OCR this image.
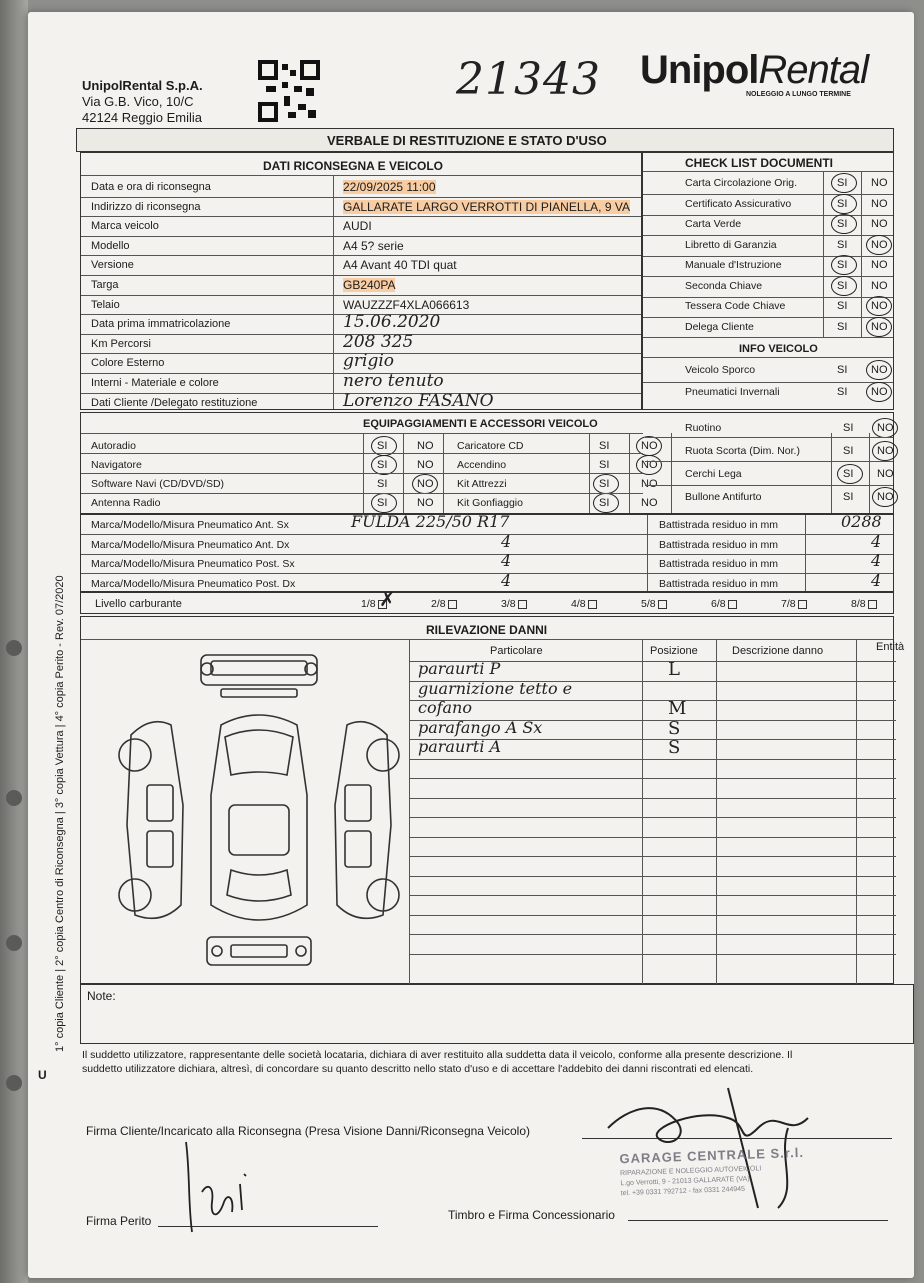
UnipolRental S.p.A.
Via G.B. Vico, 10/C
42124 Reggio Emilia
21343 UnipolRental
NOLEGGIO A LUNGO TERMINE
VERBALE DI RESTITUZIONE E STATO D'USO
DATI RICONSEGNA E VEICOLO
Data e ora di riconsegna	22/09/2025 11:00
Indirizzo di riconsegna	GALLARATE LARGO VERROTTI DI PIANELLA, 9 VA
Marca veicolo	AUDI
Modello	A4 5? serie
Versione	A4 Avant 40 TDI quat
Targa	GB240PA
Telaio	WAUZZZF4XLA066613
Data prima immatricolazione	15.06.2020
Km Percorsi	208 325
Colore Esterno	grigio
Interni - Materiale e colore	nero tenuto
Dati Cliente /Delegato restituzione	Lorenzo FASANO
CHECK LIST DOCUMENTI
Carta Circolazione Orig.	SI NO
Certificato Assicurativo	SI NO
Carta Verde	SI NO
Libretto di Garanzia	SI NO
Manuale d'Istruzione	SI NO
Seconda Chiave	SI NO
Tessera Code Chiave	SI NO
Delega Cliente	SI NO
INFO VEICOLO
Veicolo Sporco	SI NO
Pneumatici Invernali	SI NO
EQUIPAGGIAMENTI E ACCESSORI VEICOLO
Autoradio	SI	NO
Navigatore	SI	NO
Software Navi (CD/DVD/SD)	SI	NO
Antenna Radio	SI	NO
Caricatore CD	SI	NO
Accendino	SI	NO
Kit Attrezzi	SI	NO
Kit Gonfiaggio	SI	NO
Ruotino	SI NO
Ruota Scorta (Dim. Nor.)	SI NO
Cerchi Lega	SI NO
Bullone Antifurto	SI NO
Marca/Modello/Misura Pneumatico Ant. Sx	FULDA 225/50 R17	Battistrada residuo in mm	0288
Marca/Modello/Misura Pneumatico Ant. Dx	4	Battistrada residuo in mm	4
Marca/Modello/Misura Pneumatico Post. Sx	4	Battistrada residuo in mm	4
Marca/Modello/Misura Pneumatico Post. Dx	4	Battistrada residuo in mm	4
Livello carburante	1/8 ✗	2/8	3/8	4/8	5/8	6/8	7/8	8/8
RILEVAZIONE DANNI
Particolare	Posizione	Descrizione danno	Entità
paraurti P	L
guarnizione tetto e
cofano	M
parafango A Sx	S
paraurti A	S
Note:
Il suddetto utilizzatore, rappresentante delle società locataria, dichiara di aver restituito alla suddetta data il veicolo, conforme alla presente descrizione. Il
suddetto utilizzatore dichiara, altresì, di concordare su quanto descritto nello stato d'uso e di accettare l'addebito dei danni riscontrati ed elencati.
Firma Cliente/Incaricato alla Riconsegna (Presa Visione Danni/Riconsegna Veicolo)
Firma Perito	Timbro e Firma Concessionario
GARAGE CENTRALE S.r.l.
RIPARAZIONE E NOLEGGIO AUTOVEICOLI
L.go Verrotti, 9 - 21013 GALLARATE (VA)
tel. +39 0331 792712 - fax 0331 244945
1° copia Cliente | 2° copia Centro di Riconsegna | 3° copia Vettura | 4° copia Perito - Rev. 07/2020
U
